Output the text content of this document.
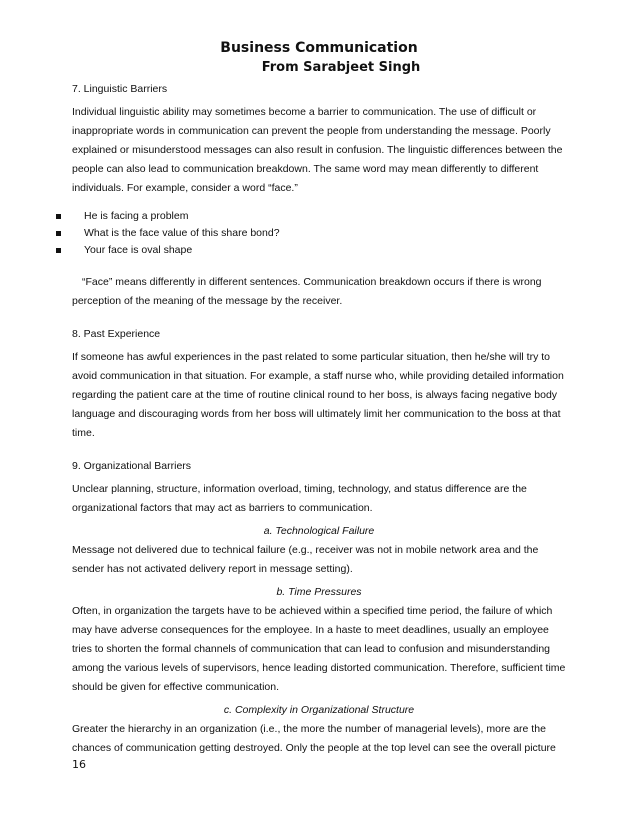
Business Communication
From Sarabjeet Singh

7. Linguistic Barriers

Individual linguistic ability may sometimes become a barrier to communication. The use of difficult or inappropriate words in communication can prevent the people from understanding the message. Poorly explained or misunderstood messages can also result in confusion. The linguistic differences between the people can also lead to communication breakdown. The same word may mean differently to different individuals. For example, consider a word “face.”

He is facing a problem
What is the face value of this share bond?
Your face is oval shape

“Face” means differently in different sentences. Communication breakdown occurs if there is wrong perception of the meaning of the message by the receiver.

8. Past Experience

If someone has awful experiences in the past related to some particular situation, then he/she will try to avoid communication in that situation. For example, a staff nurse who, while providing detailed information regarding the patient care at the time of routine clinical round to her boss, is always facing negative body language and discouraging words from her boss will ultimately limit her communication to the boss at that time.

9. Organizational Barriers

Unclear planning, structure, information overload, timing, technology, and status difference are the organizational factors that may act as barriers to communication.

a. Technological Failure

Message not delivered due to technical failure (e.g., receiver was not in mobile network area and the sender has not activated delivery report in message setting).

b. Time Pressures

Often, in organization the targets have to be achieved within a specified time period, the failure of which may have adverse consequences for the employee. In a haste to meet deadlines, usually an employee tries to shorten the formal channels of communication that can lead to confusion and misunderstanding among the various levels of supervisors, hence leading distorted communication. Therefore, sufficient time should be given for effective communication.

c. Complexity in Organizational Structure

Greater the hierarchy in an organization (i.e., the more the number of managerial levels), more are the chances of communication getting destroyed. Only the people at the top level can see the overall picture

16
